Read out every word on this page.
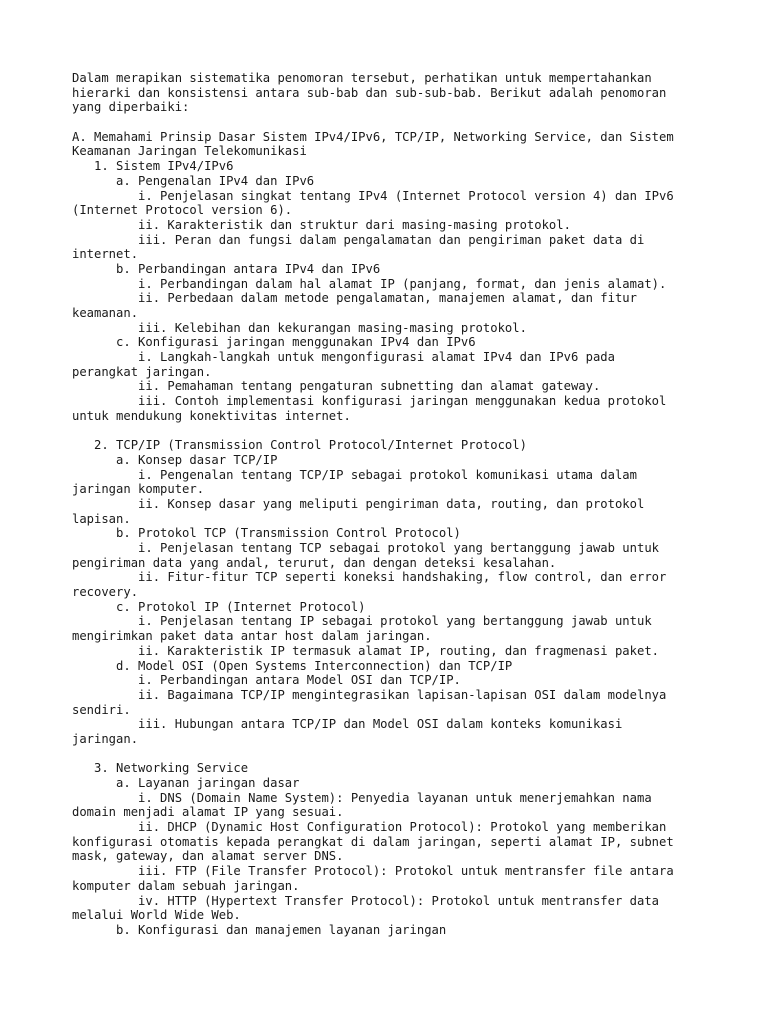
Dalam merapikan sistematika penomoran tersebut, perhatikan untuk mempertahankan
hierarki dan konsistensi antara sub-bab dan sub-sub-bab. Berikut adalah penomoran
yang diperbaiki:
A. Memahami Prinsip Dasar Sistem IPv4/IPv6, TCP/IP, Networking Service, dan Sistem
Keamanan Jaringan Telekomunikasi
1. Sistem IPv4/IPv6
a. Pengenalan IPv4 dan IPv6
i. Penjelasan singkat tentang IPv4 (Internet Protocol version 4) dan IPv6
(Internet Protocol version 6).
ii. Karakteristik dan struktur dari masing-masing protokol.
iii. Peran dan fungsi dalam pengalamatan dan pengiriman paket data di
internet.
b. Perbandingan antara IPv4 dan IPv6
i. Perbandingan dalam hal alamat IP (panjang, format, dan jenis alamat).
ii. Perbedaan dalam metode pengalamatan, manajemen alamat, dan fitur
keamanan.
iii. Kelebihan dan kekurangan masing-masing protokol.
c. Konfigurasi jaringan menggunakan IPv4 dan IPv6
i. Langkah-langkah untuk mengonfigurasi alamat IPv4 dan IPv6 pada
perangkat jaringan.
ii. Pemahaman tentang pengaturan subnetting dan alamat gateway.
iii. Contoh implementasi konfigurasi jaringan menggunakan kedua protokol
untuk mendukung konektivitas internet.
2. TCP/IP (Transmission Control Protocol/Internet Protocol)
a. Konsep dasar TCP/IP
i. Pengenalan tentang TCP/IP sebagai protokol komunikasi utama dalam
jaringan komputer.
ii. Konsep dasar yang meliputi pengiriman data, routing, dan protokol
lapisan.
b. Protokol TCP (Transmission Control Protocol)
i. Penjelasan tentang TCP sebagai protokol yang bertanggung jawab untuk
pengiriman data yang andal, terurut, dan dengan deteksi kesalahan.
ii. Fitur-fitur TCP seperti koneksi handshaking, flow control, dan error
recovery.
c. Protokol IP (Internet Protocol)
i. Penjelasan tentang IP sebagai protokol yang bertanggung jawab untuk
mengirimkan paket data antar host dalam jaringan.
ii. Karakteristik IP termasuk alamat IP, routing, dan fragmenasi paket.
d. Model OSI (Open Systems Interconnection) dan TCP/IP
i. Perbandingan antara Model OSI dan TCP/IP.
ii. Bagaimana TCP/IP mengintegrasikan lapisan-lapisan OSI dalam modelnya
sendiri.
iii. Hubungan antara TCP/IP dan Model OSI dalam konteks komunikasi
jaringan.
3. Networking Service
a. Layanan jaringan dasar
i. DNS (Domain Name System): Penyedia layanan untuk menerjemahkan nama
domain menjadi alamat IP yang sesuai.
ii. DHCP (Dynamic Host Configuration Protocol): Protokol yang memberikan
konfigurasi otomatis kepada perangkat di dalam jaringan, seperti alamat IP, subnet
mask, gateway, dan alamat server DNS.
iii. FTP (File Transfer Protocol): Protokol untuk mentransfer file antara
komputer dalam sebuah jaringan.
iv. HTTP (Hypertext Transfer Protocol): Protokol untuk mentransfer data
melalui World Wide Web.
b. Konfigurasi dan manajemen layanan jaringan
